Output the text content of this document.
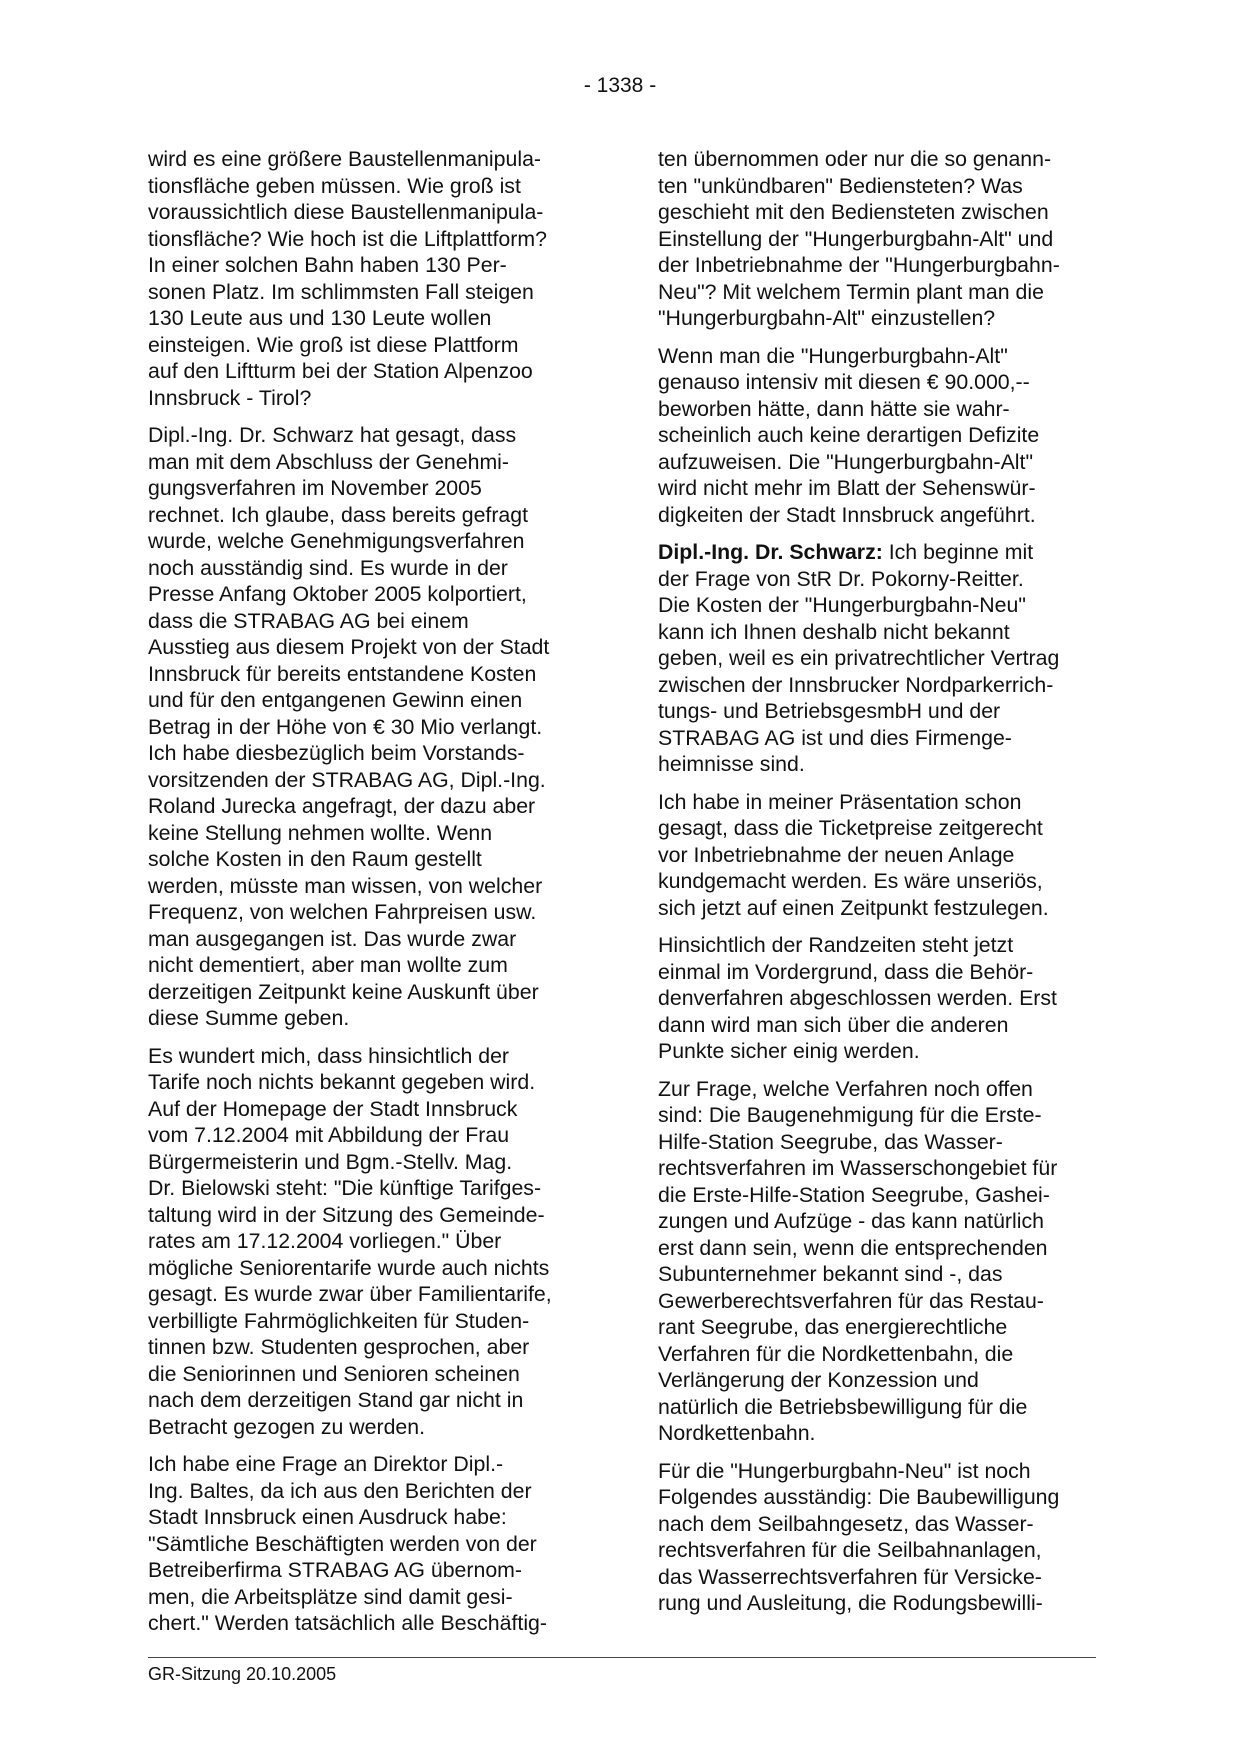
- 1338 -

wird es eine größere Baustellenmanipula-
tionsfläche geben müssen. Wie groß ist
voraussichtlich diese Baustellenmanipula-
tionsfläche? Wie hoch ist die Liftplattform?
In einer solchen Bahn haben 130 Per-
sonen Platz. Im schlimmsten Fall steigen
130 Leute aus und 130 Leute wollen
einsteigen. Wie groß ist diese Plattform
auf den Liftturm bei der Station Alpenzoo
Innsbruck - Tirol?

Dipl.-Ing. Dr. Schwarz hat gesagt, dass
man mit dem Abschluss der Genehmi-
gungsverfahren im November 2005
rechnet. Ich glaube, dass bereits gefragt
wurde, welche Genehmigungsverfahren
noch ausständig sind. Es wurde in der
Presse Anfang Oktober 2005 kolportiert,
dass die STRABAG AG bei einem
Ausstieg aus diesem Projekt von der Stadt
Innsbruck für bereits entstandene Kosten
und für den entgangenen Gewinn einen
Betrag in der Höhe von € 30 Mio verlangt.
Ich habe diesbezüglich beim Vorstands-
vorsitzenden der STRABAG AG, Dipl.-Ing.
Roland Jurecka angefragt, der dazu aber
keine Stellung nehmen wollte. Wenn
solche Kosten in den Raum gestellt
werden, müsste man wissen, von welcher
Frequenz, von welchen Fahrpreisen usw.
man ausgegangen ist. Das wurde zwar
nicht dementiert, aber man wollte zum
derzeitigen Zeitpunkt keine Auskunft über
diese Summe geben.

Es wundert mich, dass hinsichtlich der
Tarife noch nichts bekannt gegeben wird.
Auf der Homepage der Stadt Innsbruck
vom 7.12.2004 mit Abbildung der Frau
Bürgermeisterin und Bgm.-Stellv. Mag.
Dr. Bielowski steht: "Die künftige Tarifges-
taltung wird in der Sitzung des Gemeinde-
rates am 17.12.2004 vorliegen." Über
mögliche Seniorentarife wurde auch nichts
gesagt. Es wurde zwar über Familientarife,
verbilligte Fahrmöglichkeiten für Studen-
tinnen bzw. Studenten gesprochen, aber
die Seniorinnen und Senioren scheinen
nach dem derzeitigen Stand gar nicht in
Betracht gezogen zu werden.

Ich habe eine Frage an Direktor Dipl.-
Ing. Baltes, da ich aus den Berichten der
Stadt Innsbruck einen Ausdruck habe:
"Sämtliche Beschäftigten werden von der
Betreiberfirma STRABAG AG übernom-
men, die Arbeitsplätze sind damit gesi-
chert." Werden tatsächlich alle Beschäftig-

ten übernommen oder nur die so genann-
ten "unkündbaren" Bediensteten? Was
geschieht mit den Bediensteten zwischen
Einstellung der "Hungerburgbahn-Alt" und
der Inbetriebnahme der "Hungerburgbahn-
Neu"? Mit welchem Termin plant man die
"Hungerburgbahn-Alt" einzustellen?

Wenn man die "Hungerburgbahn-Alt"
genauso intensiv mit diesen € 90.000,--
beworben hätte, dann hätte sie wahr-
scheinlich auch keine derartigen Defizite
aufzuweisen. Die "Hungerburgbahn-Alt"
wird nicht mehr im Blatt der Sehenswür-
digkeiten der Stadt Innsbruck angeführt.

Dipl.-Ing. Dr. Schwarz: Ich beginne mit
der Frage von StR Dr. Pokorny-Reitter.
Die Kosten der "Hungerburgbahn-Neu"
kann ich Ihnen deshalb nicht bekannt
geben, weil es ein privatrechtlicher Vertrag
zwischen der Innsbrucker Nordparkerrich-
tungs- und BetriebsgesmbH und der
STRABAG AG ist und dies Firmenge-
heimnisse sind.

Ich habe in meiner Präsentation schon
gesagt, dass die Ticketpreise zeitgerecht
vor Inbetriebnahme der neuen Anlage
kundgemacht werden. Es wäre unseriös,
sich jetzt auf einen Zeitpunkt festzulegen.

Hinsichtlich der Randzeiten steht jetzt
einmal im Vordergrund, dass die Behör-
denverfahren abgeschlossen werden. Erst
dann wird man sich über die anderen
Punkte sicher einig werden.

Zur Frage, welche Verfahren noch offen
sind: Die Baugenehmigung für die Erste-
Hilfe-Station Seegrube, das Wasser-
rechtsverfahren im Wasserschongebiet für
die Erste-Hilfe-Station Seegrube, Gashei-
zungen und Aufzüge - das kann natürlich
erst dann sein, wenn die entsprechenden
Subunternehmer bekannt sind -, das
Gewerberechtsverfahren für das Restau-
rant Seegrube, das energierechtliche
Verfahren für die Nordkettenbahn, die
Verlängerung der Konzession und
natürlich die Betriebsbewilligung für die
Nordkettenbahn.

Für die "Hungerburgbahn-Neu" ist noch
Folgendes ausständig: Die Baubewilligung
nach dem Seilbahngesetz, das Wasser-
rechtsverfahren für die Seilbahnanlagen,
das Wasserrechtsverfahren für Versicke-
rung und Ausleitung, die Rodungsbewilli-

GR-Sitzung 20.10.2005
